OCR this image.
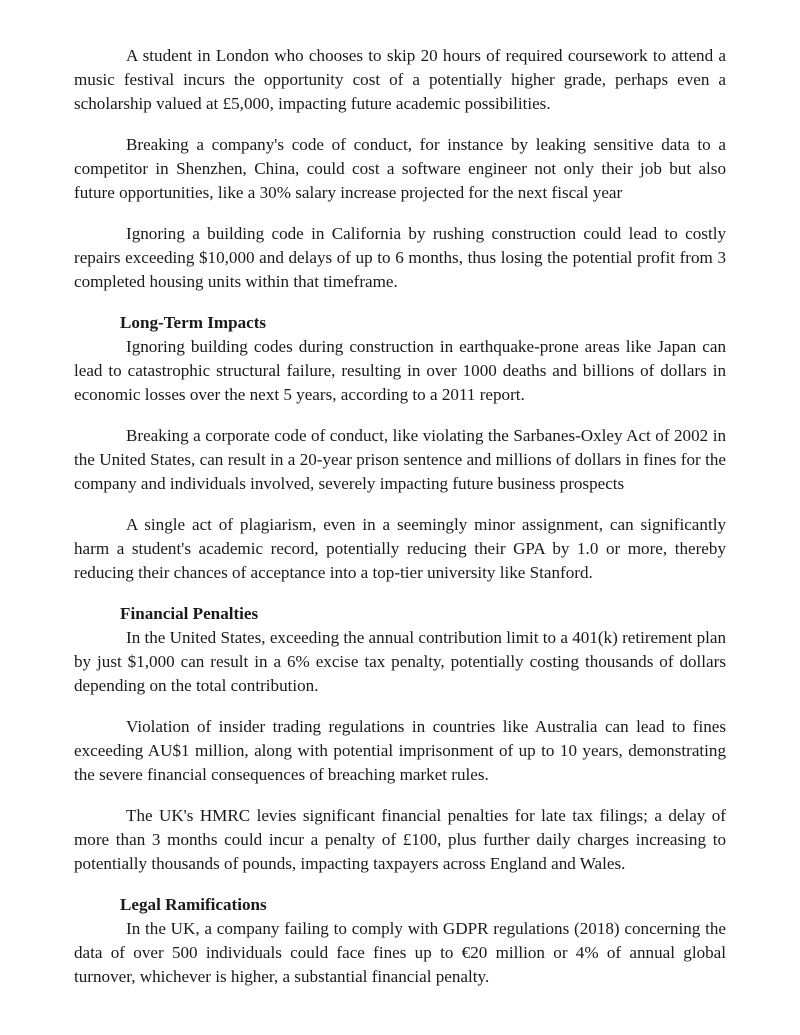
A student in London who chooses to skip 20 hours of required coursework to attend a music festival incurs the opportunity cost of a potentially higher grade, perhaps even a scholarship valued at £5,000, impacting future academic possibilities.

Breaking a company's code of conduct, for instance by leaking sensitive data to a competitor in Shenzhen, China, could cost a software engineer not only their job but also future opportunities, like a 30% salary increase projected for the next fiscal year

Ignoring a building code in California by rushing construction could lead to costly repairs exceeding $10,000 and delays of up to 6 months, thus losing the potential profit from 3 completed housing units within that timeframe.

Long-Term Impacts

Ignoring building codes during construction in earthquake-prone areas like Japan can lead to catastrophic structural failure, resulting in over 1000 deaths and billions of dollars in economic losses over the next 5 years, according to a 2011 report.

Breaking a corporate code of conduct, like violating the Sarbanes-Oxley Act of 2002 in the United States, can result in a 20-year prison sentence and millions of dollars in fines for the company and individuals involved, severely impacting future business prospects

A single act of plagiarism, even in a seemingly minor assignment, can significantly harm a student's academic record, potentially reducing their GPA by 1.0 or more, thereby reducing their chances of acceptance into a top-tier university like Stanford.

Financial Penalties

In the United States, exceeding the annual contribution limit to a 401(k) retirement plan by just $1,000 can result in a 6% excise tax penalty, potentially costing thousands of dollars depending on the total contribution.

Violation of insider trading regulations in countries like Australia can lead to fines exceeding AU$1 million, along with potential imprisonment of up to 10 years, demonstrating the severe financial consequences of breaching market rules.

The UK's HMRC levies significant financial penalties for late tax filings; a delay of more than 3 months could incur a penalty of £100, plus further daily charges increasing to potentially thousands of pounds, impacting taxpayers across England and Wales.

Legal Ramifications

In the UK, a company failing to comply with GDPR regulations (2018) concerning the data of over 500 individuals could face fines up to €20 million or 4% of annual global turnover, whichever is higher, a substantial financial penalty.
